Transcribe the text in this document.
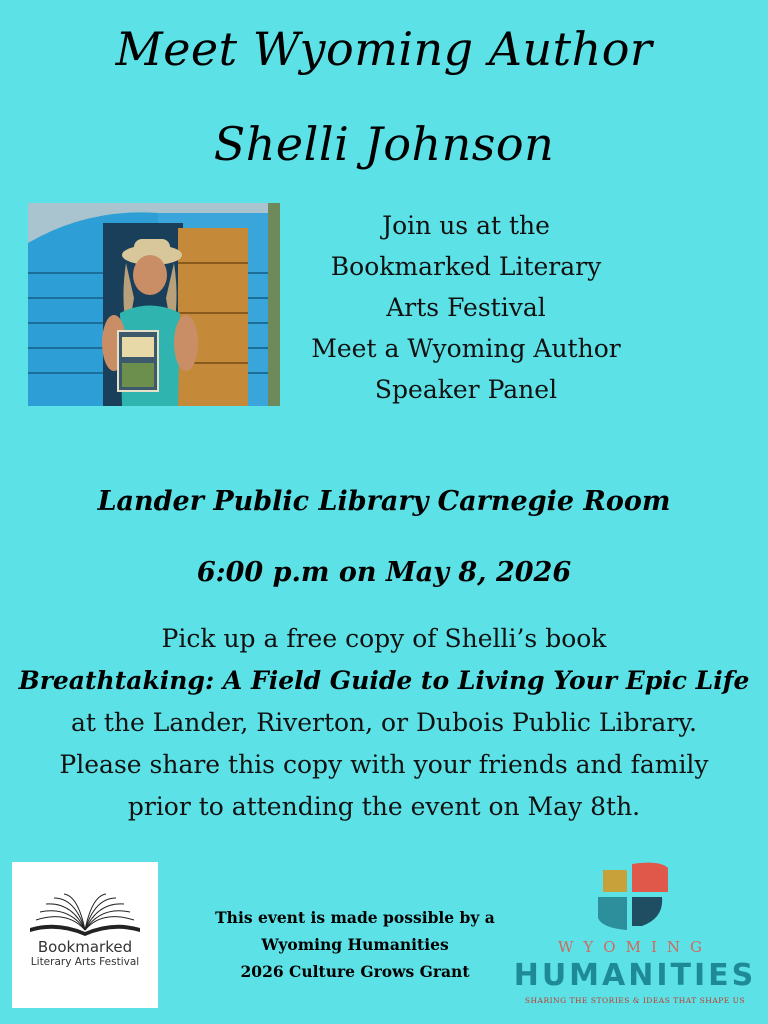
Meet Wyoming Author
Shelli Johnson
Join us at the
Bookmarked Literary
Arts Festival
Meet a Wyoming Author
Speaker Panel
Lander Public Library Carnegie Room
6:00 p.m on May 8, 2026
Pick up a free copy of Shelli’s book
Breathtaking: A Field Guide to Living Your Epic Life
at the Lander, Riverton, or Dubois Public Library.
Please share this copy with your friends and family
prior to attending the event on May 8th.
Bookmarked
Literary Arts Festival
This event is made possible by a
Wyoming Humanities
2026 Culture Grows Grant
WYOMING
HUMANITIES
SHARING THE STORIES & IDEAS THAT SHAPE US
